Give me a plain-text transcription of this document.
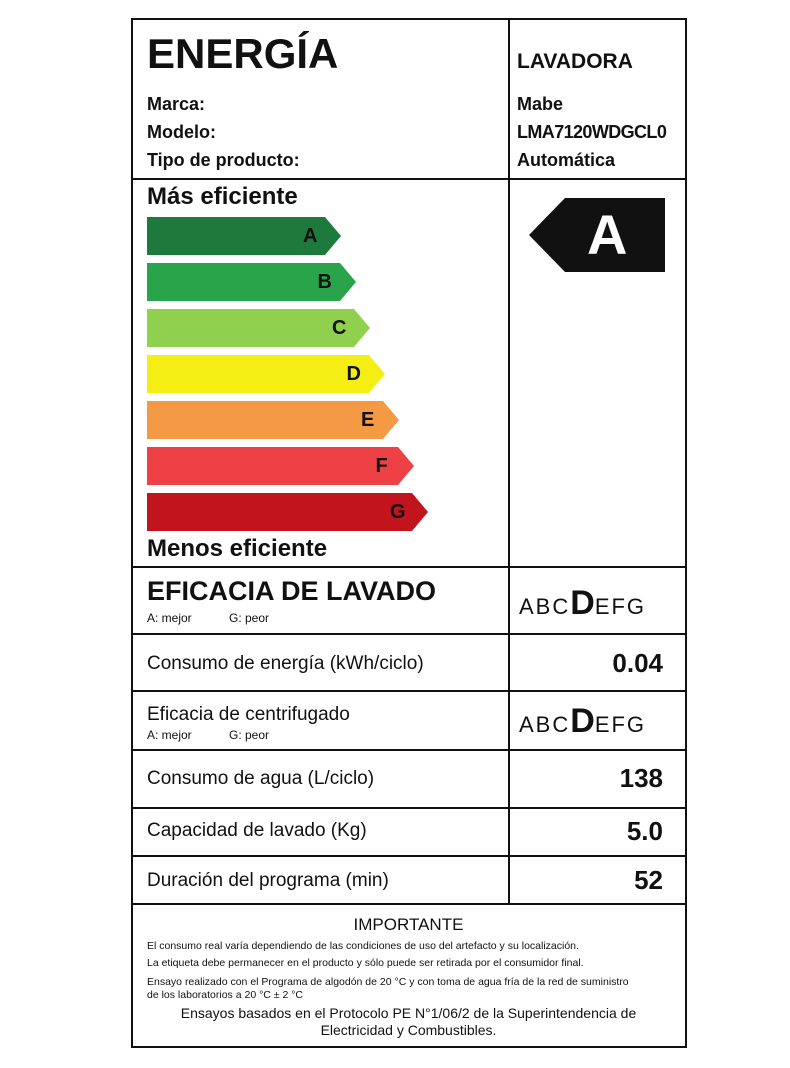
ENERGÍA	LAVADORA
Marca:	Mabe
Modelo:	LMA7120WDGCL0
Tipo de producto:	Automática
Más eficiente
A
B
C
D
E
F
G
Menos eficiente
A
EFICACIA DE LAVADO
A: mejor	G: peor	ABCDEFG
Consumo de energía (kWh/ciclo)	0.04
Eficacia de centrifugado
A: mejor	G: peor	ABCDEFG
Consumo de agua (L/ciclo)	138
Capacidad de lavado (Kg)	5.0
Duración del programa (min)	52
IMPORTANTE
El consumo real varía dependiendo de las condiciones de uso del artefacto y su localización.
La etiqueta debe permanecer en el producto y sólo puede ser retirada por el consumidor final.
Ensayo realizado con el Programa de algodón de 20 °C y con toma de agua fría de la red de suministro
de los laboratorios a 20 °C ± 2 °C
Ensayos basados en el Protocolo PE N°1/06/2 de la Superintendencia de
Electricidad y Combustibles.
